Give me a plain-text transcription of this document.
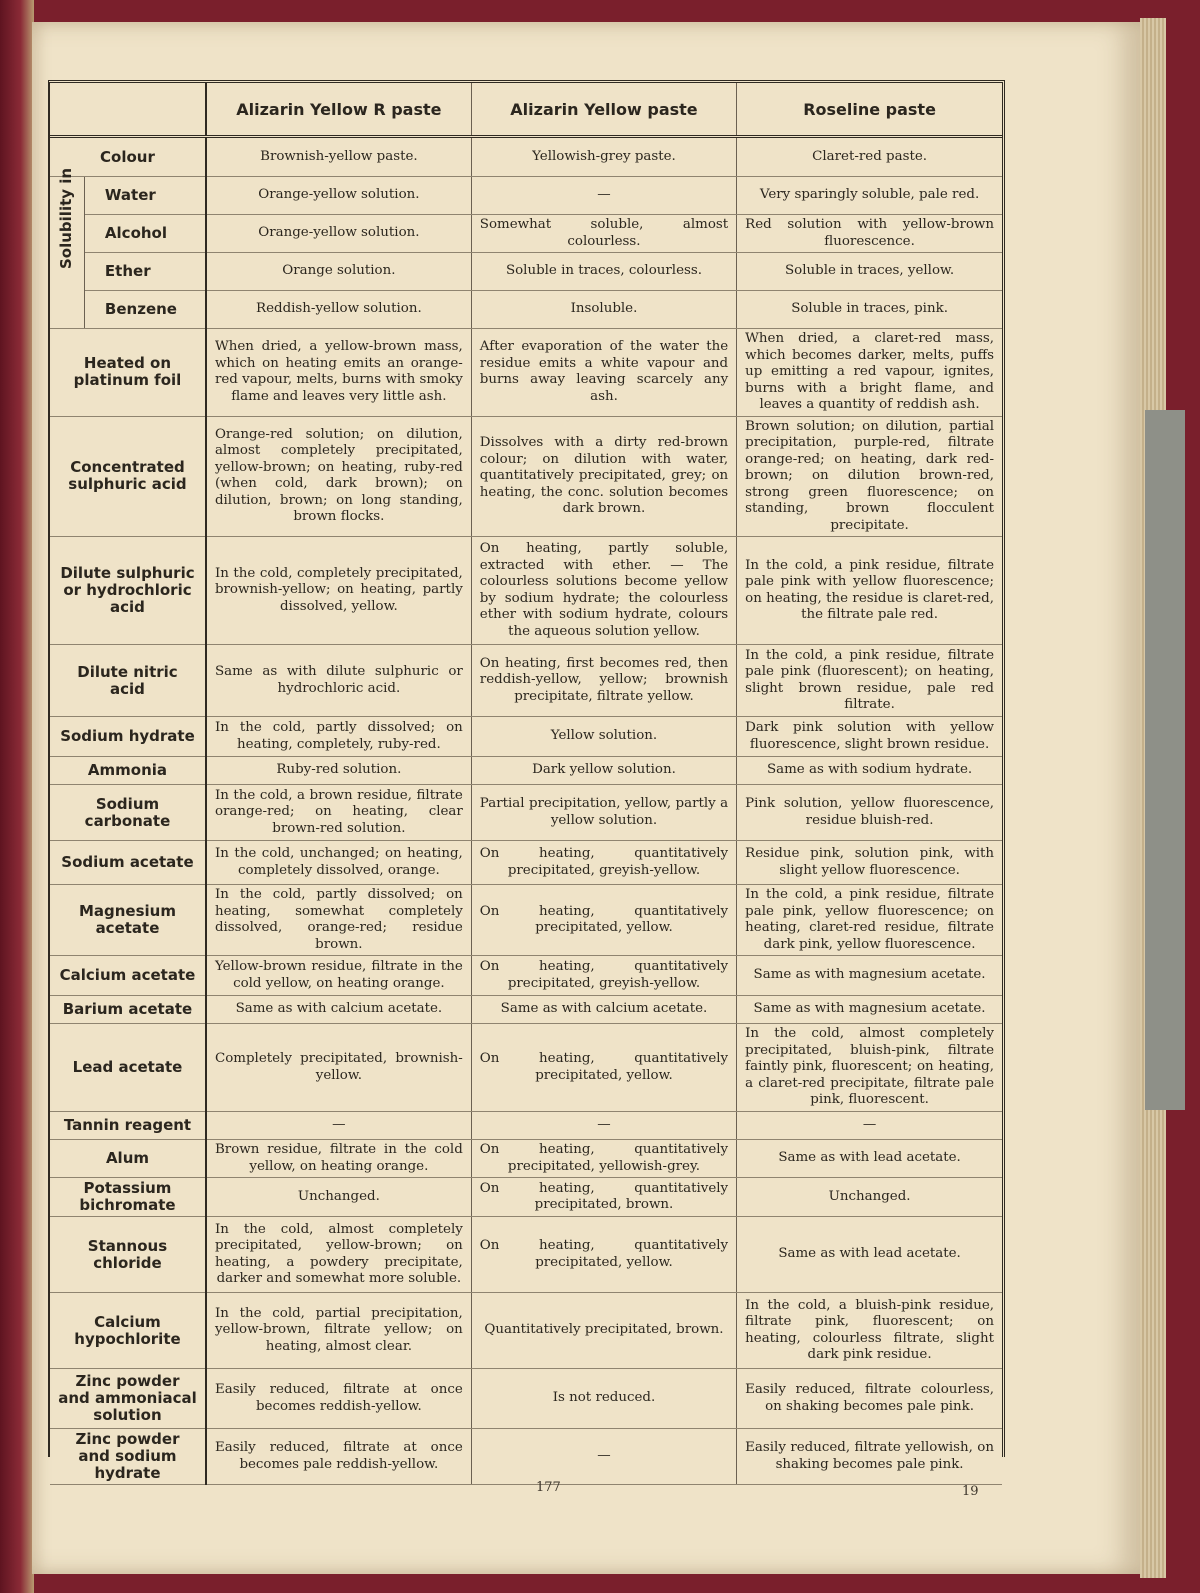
		Alizarin Yellow R paste	Alizarin Yellow paste	Roseline paste
Colour		Brownish-yellow paste.	Yellowish-grey paste.	Claret-red paste.

Solubility in	Water	Orange-yellow solution.	—	Very sparingly soluble, pale red.
	Alcohol	Orange-yellow solution.	Somewhat soluble, almost colourless.	Red solution with yellow-brown fluorescence.
	Ether	Orange solution.	Soluble in traces, colourless.	Soluble in traces, yellow.
	Benzene	Reddish-yellow solution.	Insoluble.	Soluble in traces, pink.
Heated on platinum foil		When dried, a yellow-brown mass, which on heating emits an orange-red vapour, melts, burns with smoky flame and leaves very little ash.	After evaporation of the water the residue emits a white vapour and burns away leaving scarcely any ash.	When dried, a claret-red mass, which becomes darker, melts, puffs up emitting a red vapour, ignites, burns with a bright flame, and leaves a quantity of reddish ash.
Concentrated sulphuric acid		Orange-red solution; on dilution, almost completely precipitated, yellow-brown; on heating, ruby-red (when cold, dark brown); on dilution, brown; on long standing, brown flocks.	Dissolves with a dirty red-brown colour; on dilution with water, quantitatively precipitated, grey; on heating, the conc. solution becomes dark brown.	Brown solution; on dilution, partial precipitation, purple-red, filtrate orange-red; on heating, dark red-brown; on dilution brown-red, strong green fluorescence; on standing, brown flocculent precipitate.
Dilute sulphuric or hydrochloric acid		In the cold, completely precipitated, brownish-yellow; on heating, partly dissolved, yellow.	On heating, partly soluble, extracted with ether. — The colourless solutions become yellow by sodium hydrate; the colourless ether with sodium hydrate, colours the aqueous solution yellow.	In the cold, a pink residue, filtrate pale pink with yellow fluorescence; on heating, the residue is claret-red, the filtrate pale red.
Dilute nitric acid		Same as with dilute sulphuric or hydrochloric acid.	On heating, first becomes red, then reddish-yellow, yellow; brownish precipitate, filtrate yellow.	In the cold, a pink residue, filtrate pale pink (fluorescent); on heating, slight brown residue, pale red filtrate.
Sodium hydrate		In the cold, partly dissolved; on heating, completely, ruby-red.	Yellow solution.	Dark pink solution with yellow fluorescence, slight brown residue.
Ammonia		Ruby-red solution.	Dark yellow solution.	Same as with sodium hydrate.
Sodium carbonate		In the cold, a brown residue, filtrate orange-red; on heating, clear brown-red solution.	Partial precipitation, yellow, partly a yellow solution.	Pink solution, yellow fluorescence, residue bluish-red.
Sodium acetate		In the cold, unchanged; on heating, completely dissolved, orange.	On heating, quantitatively precipitated, greyish-yellow.	Residue pink, solution pink, with slight yellow fluorescence.
Magnesium acetate		In the cold, partly dissolved; on heating, somewhat completely dissolved, orange-red; residue brown.	On heating, quantitatively precipitated, yellow.	In the cold, a pink residue, filtrate pale pink, yellow fluorescence; on heating, claret-red residue, filtrate dark pink, yellow fluorescence.
Calcium acetate		Yellow-brown residue, filtrate in the cold yellow, on heating orange.	On heating, quantitatively precipitated, greyish-yellow.	Same as with magnesium acetate.
Barium acetate		Same as with calcium acetate.	Same as with calcium acetate.	Same as with magnesium acetate.
Lead acetate		Completely precipitated, brownish-yellow.	On heating, quantitatively precipitated, yellow.	In the cold, almost completely precipitated, bluish-pink, filtrate faintly pink, fluorescent; on heating, a claret-red precipitate, filtrate pale pink, fluorescent.
Tannin reagent		—	—	—
Alum		Brown residue, filtrate in the cold yellow, on heating orange.	On heating, quantitatively precipitated, yellowish-grey.	Same as with lead acetate.
Potassium bichromate		Unchanged.	On heating, quantitatively precipitated, brown.	Unchanged.
Stannous chloride		In the cold, almost completely precipitated, yellow-brown; on heating, a powdery precipitate, darker and somewhat more soluble.	On heating, quantitatively precipitated, yellow.	Same as with lead acetate.
Calcium hypochlorite		In the cold, partial precipitation, yellow-brown, filtrate yellow; on heating, almost clear.	Quantitatively precipitated, brown.	In the cold, a bluish-pink residue, filtrate pink, fluorescent; on heating, colourless filtrate, slight dark pink residue.
Zinc powder and ammoniacal solution		Easily reduced, filtrate at once becomes reddish-yellow.	Is not reduced.	Easily reduced, filtrate colourless, on shaking becomes pale pink.
Zinc powder and sodium hydrate		Easily reduced, filtrate at once becomes pale reddish-yellow.	—	Easily reduced, filtrate yellowish, on shaking becomes pale pink.
177	19
